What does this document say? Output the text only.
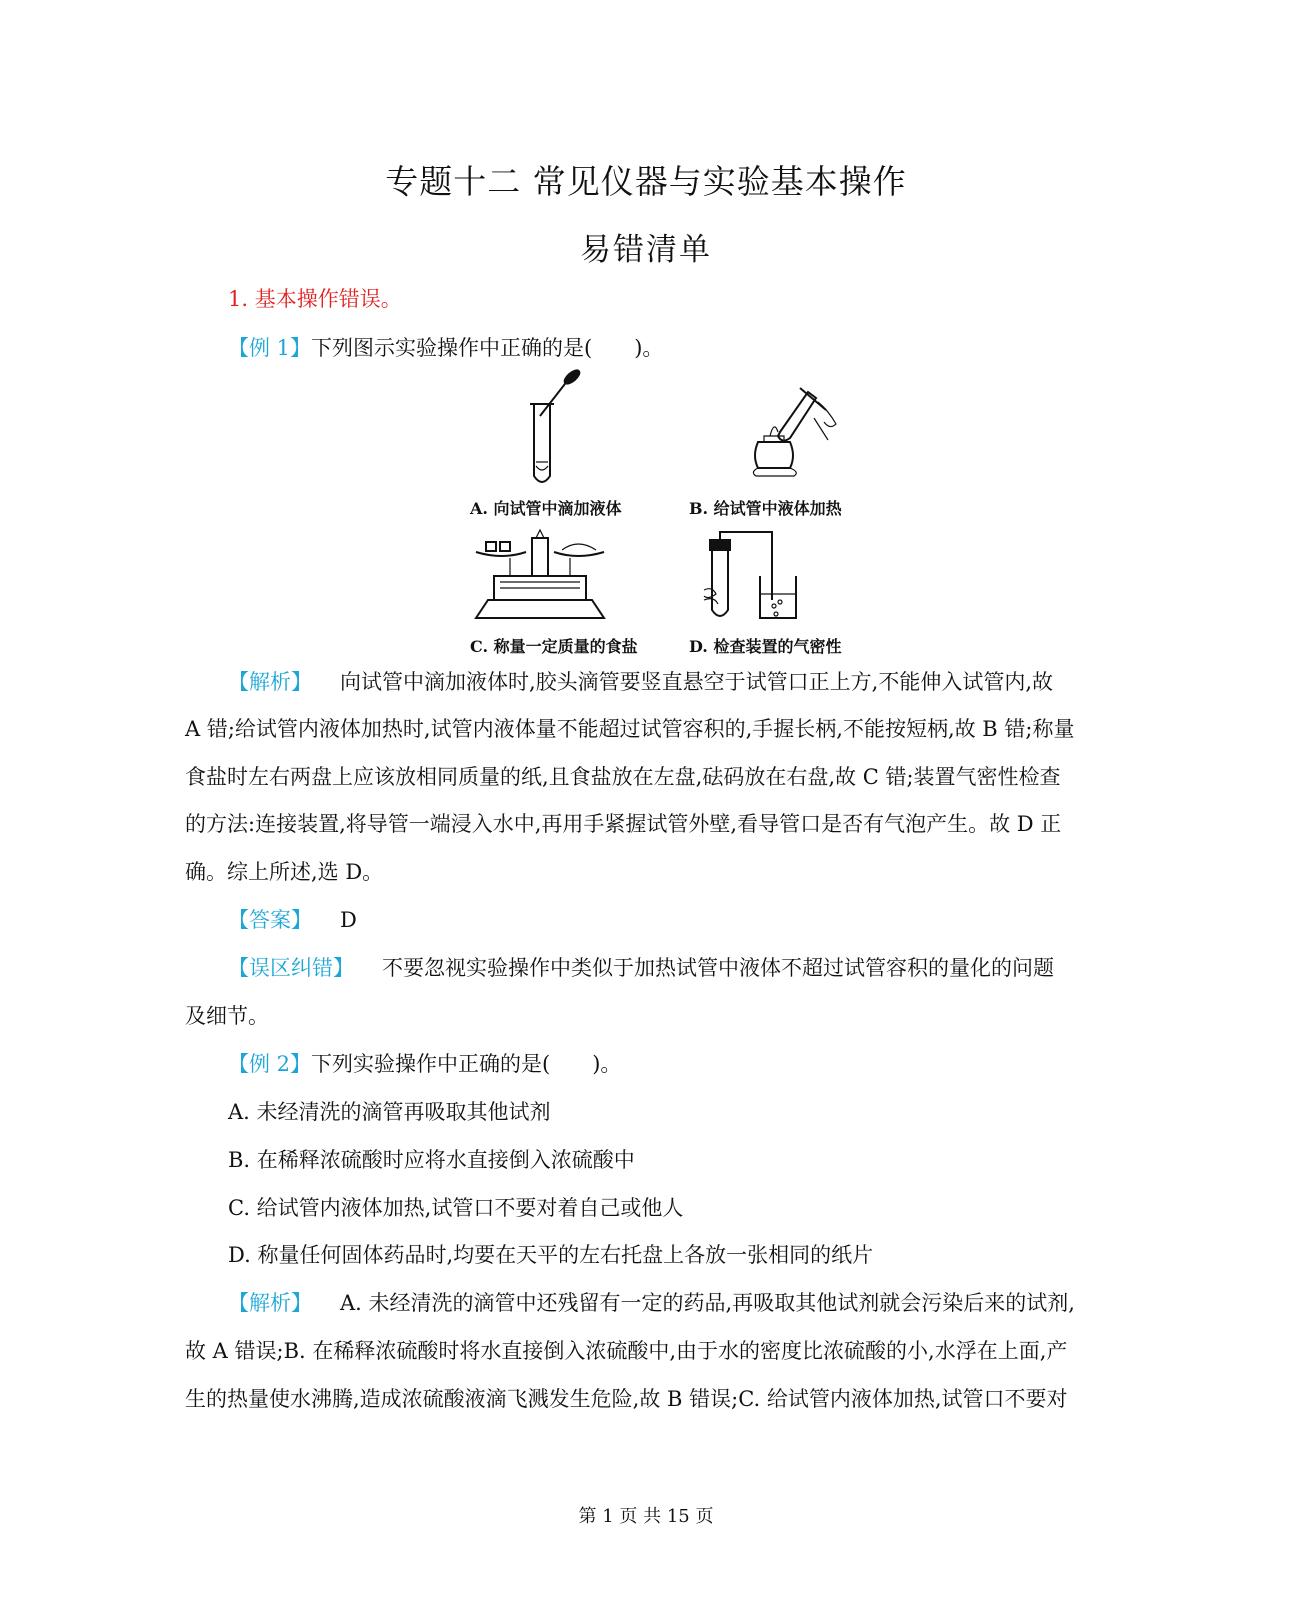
专题十二 常见仪器与实验基本操作
易错清单
1. 基本操作错误。
【例 1】下列图示实验操作中正确的是(　　)。
A. 向试管中滴加液体	B. 给试管中液体加热
C. 称量一定质量的食盐	D. 检查装置的气密性
【解析】 向试管中滴加液体时,胶头滴管要竖直悬空于试管口正上方,不能伸入试管内,故
A 错;给试管内液体加热时,试管内液体量不能超过试管容积的,手握长柄,不能按短柄,故 B 错;称量
食盐时左右两盘上应该放相同质量的纸,且食盐放在左盘,砝码放在右盘,故 C 错;装置气密性检查
的方法:连接装置,将导管一端浸入水中,再用手紧握试管外壁,看导管口是否有气泡产生。故 D 正
确。综上所述,选 D。
【答案】 D
【误区纠错】 不要忽视实验操作中类似于加热试管中液体不超过试管容积的量化的问题
及细节。
【例 2】下列实验操作中正确的是(　　)。
A. 未经清洗的滴管再吸取其他试剂
B. 在稀释浓硫酸时应将水直接倒入浓硫酸中
C. 给试管内液体加热,试管口不要对着自己或他人
D. 称量任何固体药品时,均要在天平的左右托盘上各放一张相同的纸片
【解析】 A. 未经清洗的滴管中还残留有一定的药品,再吸取其他试剂就会污染后来的试剂,
故 A 错误;B. 在稀释浓硫酸时将水直接倒入浓硫酸中,由于水的密度比浓硫酸的小,水浮在上面,产
生的热量使水沸腾,造成浓硫酸液滴飞溅发生危险,故 B 错误;C. 给试管内液体加热,试管口不要对
第 1 页 共 15 页
